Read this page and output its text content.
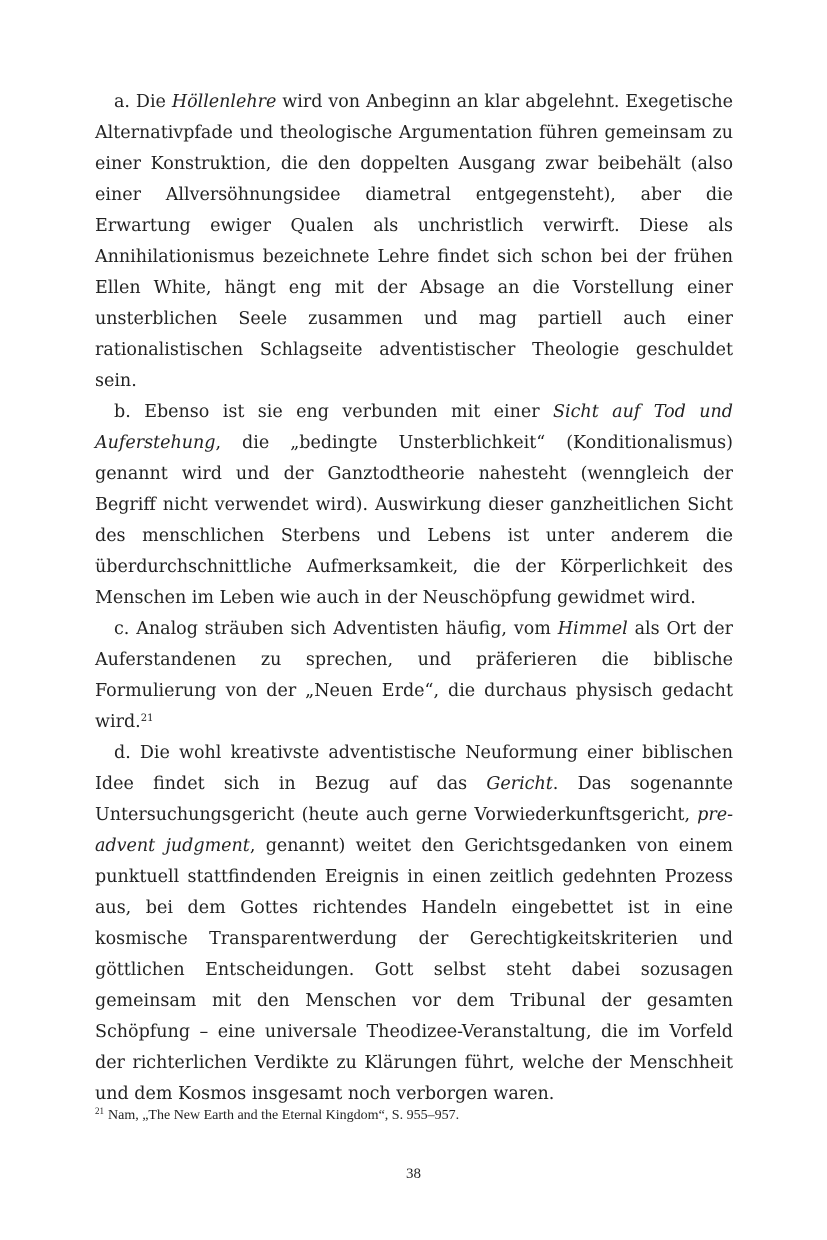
a. Die Höllenlehre wird von Anbeginn an klar abgelehnt. Exegetische Alternativpfade und theologische Argumentation führen gemeinsam zu einer Konstruktion, die den doppelten Ausgang zwar beibehält (also einer Allversöhnungsidee diametral entgegensteht), aber die Erwartung ewiger Qualen als unchristlich verwirft. Diese als Annihilationismus bezeichnete Lehre findet sich schon bei der frühen Ellen White, hängt eng mit der Absage an die Vorstellung einer unsterblichen Seele zusammen und mag partiell auch einer rationalistischen Schlagseite adventistischer Theologie geschuldet sein.

b. Ebenso ist sie eng verbunden mit einer Sicht auf Tod und Auferstehung, die „bedingte Unsterblichkeit“ (Konditionalismus) genannt wird und der Ganztodtheorie nahesteht (wenngleich der Begriff nicht verwendet wird). Auswirkung dieser ganzheitlichen Sicht des menschlichen Sterbens und Lebens ist unter anderem die überdurchschnittliche Aufmerksamkeit, die der Körperlichkeit des Menschen im Leben wie auch in der Neuschöpfung gewidmet wird.

c. Analog sträuben sich Adventisten häufig, vom Himmel als Ort der Auferstandenen zu sprechen, und präferieren die biblische Formulierung von der „Neuen Erde“, die durchaus physisch gedacht wird.$^{21}$

d. Die wohl kreativste adventistische Neuformung einer biblischen Idee findet sich in Bezug auf das Gericht. Das sogenannte Untersuchungsgericht (heute auch gerne Vorwiederkunftsgericht, pre-advent judgment, genannt) weitet den Gerichtsgedanken von einem punktuell stattfindenden Ereignis in einen zeitlich gedehnten Prozess aus, bei dem Gottes richtendes Handeln eingebettet ist in eine kosmische Transparentwerdung der Gerechtigkeitskriterien und göttlichen Entscheidungen. Gott selbst steht dabei sozusagen gemeinsam mit den Menschen vor dem Tribunal der gesamten Schöpfung – eine universale Theodizee-Veranstaltung, die im Vorfeld der richterlichen Verdikte zu Klärungen führt, welche der Menschheit und dem Kosmos insgesamt noch verborgen waren.

$^{21}$ Nam, „The New Earth and the Eternal Kingdom“, S. 955–957.
38
